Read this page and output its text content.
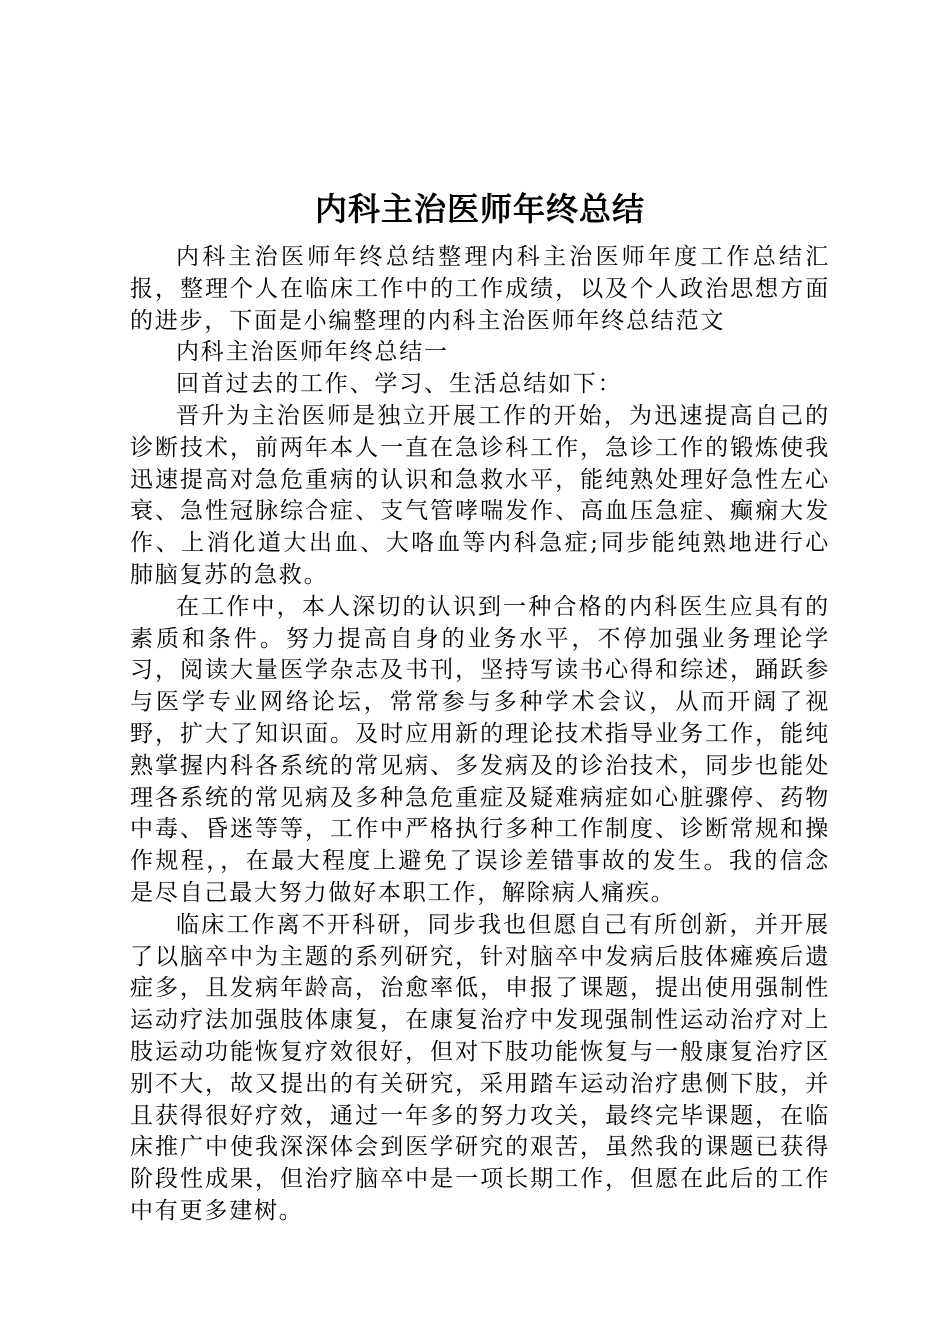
内科主治医师年终总结

内科主治医师年终总结整理内科主治医师年度工作总结汇报，整理个人在临床工作中的工作成绩，以及个人政治思想方面的进步，下面是小编整理的内科主治医师年终总结范文

内科主治医师年终总结一

回首过去的工作、学习、生活总结如下：

晋升为主治医师是独立开展工作的开始，为迅速提高自己的诊断技术，前两年本人一直在急诊科工作，急诊工作的锻炼使我迅速提高对急危重病的认识和急救水平，能纯熟处理好急性左心衰、急性冠脉综合症、支气管哮喘发作、高血压急症、癫痫大发作、上消化道大出血、大咯血等内科急症;同步能纯熟地进行心肺脑复苏的急救。

在工作中，本人深切的认识到一种合格的内科医生应具有的素质和条件。努力提高自身的业务水平，不停加强业务理论学习，阅读大量医学杂志及书刊，坚持写读书心得和综述，踊跃参与医学专业网络论坛，常常参与多种学术会议，从而开阔了视野，扩大了知识面。及时应用新的理论技术指导业务工作，能纯熟掌握内科各系统的常见病、多发病及的诊治技术，同步也能处理各系统的常见病及多种急危重症及疑难病症如心脏骤停、药物中毒、昏迷等等，工作中严格执行多种工作制度、诊断常规和操作规程，，在最大程度上避免了误诊差错事故的发生。我的信念是尽自己最大努力做好本职工作，解除病人痛疾。

临床工作离不开科研，同步我也但愿自己有所创新，并开展了以脑卒中为主题的系列研究，针对脑卒中发病后肢体瘫痪后遗症多，且发病年龄高，治愈率低，申报了课题，提出使用强制性运动疗法加强肢体康复，在康复治疗中发现强制性运动治疗对上肢运动功能恢复疗效很好，但对下肢功能恢复与一般康复治疗区别不大，故又提出的有关研究，采用踏车运动治疗患侧下肢，并且获得很好疗效，通过一年多的努力攻关，最终完毕课题，在临床推广中使我深深体会到医学研究的艰苦，虽然我的课题已获得阶段性成果，但治疗脑卒中是一项长期工作，但愿在此后的工作中有更多建树。
